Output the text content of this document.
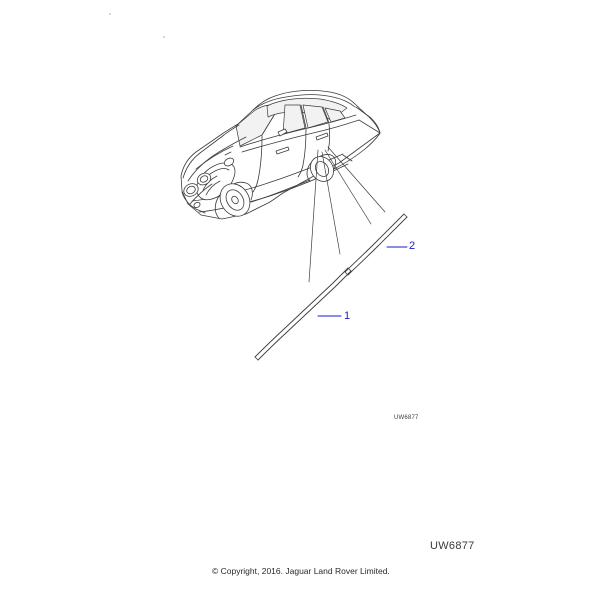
1
2
UW6877
UW6877
© Copyright, 2016. Jaguar Land Rover Limited.
